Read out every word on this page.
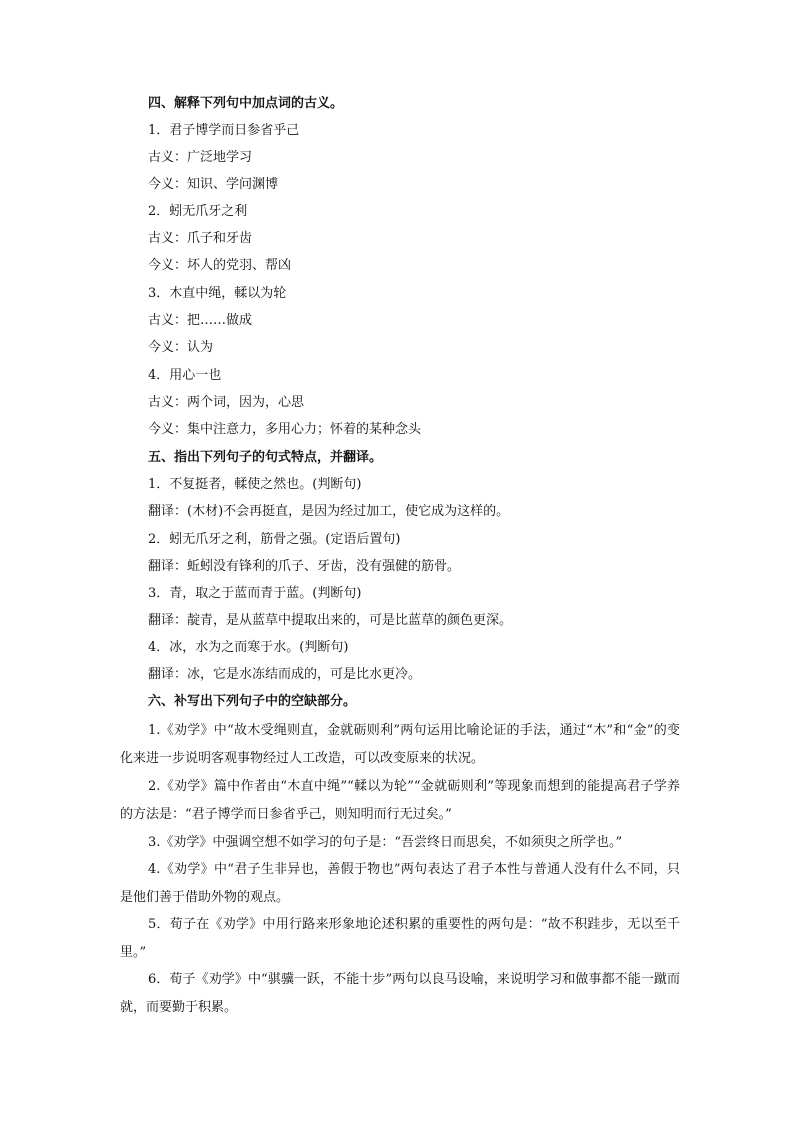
四、解释下列句中加点词的古义。
1．君子博学而日参省乎己
古义：广泛地学习
今义：知识、学问渊博
2．蚓无爪牙之利
古义：爪子和牙齿
今义：坏人的党羽、帮凶
3．木直中绳，輮以为轮
古义：把……做成
今义：认为
4．用心一也
古义：两个词，因为，心思
今义：集中注意力，多用心力；怀着的某种念头
五、指出下列句子的句式特点，并翻译。
1．不复挺者，輮使之然也。(判断句)
翻译：(木材)不会再挺直，是因为经过加工，使它成为这样的。
2．蚓无爪牙之利，筋骨之强。(定语后置句)
翻译：蚯蚓没有锋利的爪子、牙齿，没有强健的筋骨。
3．青，取之于蓝而青于蓝。(判断句)
翻译：靛青，是从蓝草中提取出来的，可是比蓝草的颜色更深。
4．冰，水为之而寒于水。(判断句)
翻译：冰，它是水冻结而成的，可是比水更冷。
六、补写出下列句子中的空缺部分。
1.《劝学》中“故木受绳则直，金就砺则利”两句运用比喻论证的手法，通过“木”和“金”的变化来进一步说明客观事物经过人工改造，可以改变原来的状况。
2.《劝学》篇中作者由“木直中绳”“輮以为轮”“金就砺则利”等现象而想到的能提高君子学养的方法是：“君子博学而日参省乎己，则知明而行无过矣。”
3.《劝学》中强调空想不如学习的句子是：“吾尝终日而思矣，不如须臾之所学也。”
4.《劝学》中“君子生非异也，善假于物也”两句表达了君子本性与普通人没有什么不同，只是他们善于借助外物的观点。
5．荀子在《劝学》中用行路来形象地论述积累的重要性的两句是：“故不积跬步，无以至千里。”
6．荀子《劝学》中“骐骥一跃，不能十步”两句以良马设喻，来说明学习和做事都不能一蹴而就，而要勤于积累。
